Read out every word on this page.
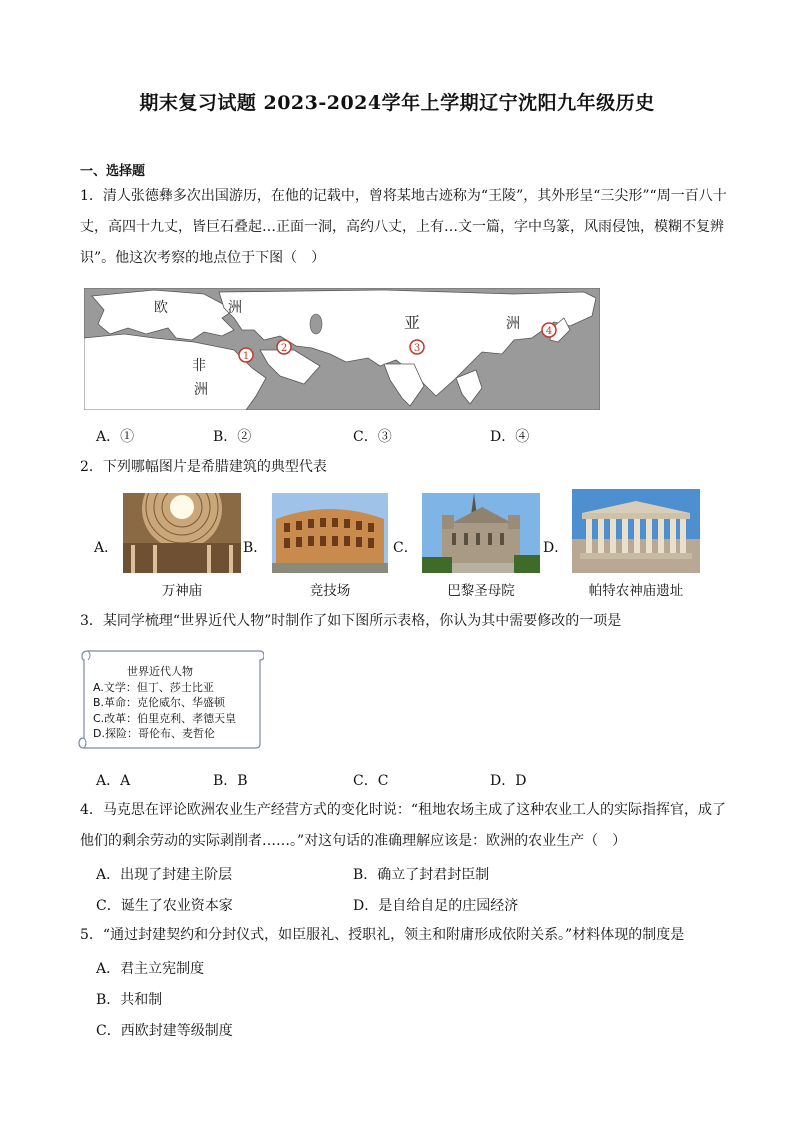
期末复习试题 2023-2024学年上学期辽宁沈阳九年级历史
一、选择题
1．清人张德彝多次出国游历，在他的记载中，曾将某地古迹称为“王陵”，其外形呈“三尖形”“周一百八十
丈，高四十九丈，皆巨石叠起…正面一洞，高约八丈，上有…文一篇，字中鸟篆，风雨侵蚀，模糊不复辨
识”。他这次考察的地点位于下图（　）
欧	洲
亚	洲
非
洲
1
2	3
4
A．①	B．②	C．③	D．④
2．下列哪幅图片是希腊建筑的典型代表
A．	B．	C．	D．
万神庙	竞技场	巴黎圣母院	帕特农神庙遗址
3．某同学梳理“世界近代人物”时制作了如下图所示表格，你认为其中需要修改的一项是
世界近代人物
A.文学：但丁、莎士比亚
B.革命：克伦威尔、华盛顿
C.改革：伯里克利、孝德天皇
D.探险：哥伦布、麦哲伦
A．A	B．B	C．C	D．D
4．马克思在评论欧洲农业生产经营方式的变化时说：“租地农场主成了这种农业工人的实际指挥官，成了
他们的剩余劳动的实际剥削者……。”对这句话的准确理解应该是：欧洲的农业生产（　）
A．出现了封建主阶层	B．确立了封君封臣制
C．诞生了农业资本家	D．是自给自足的庄园经济
5．“通过封建契约和分封仪式，如臣服礼、授职礼，领主和附庸形成依附关系。”材料体现的制度是
A．君主立宪制度
B．共和制
C．西欧封建等级制度
